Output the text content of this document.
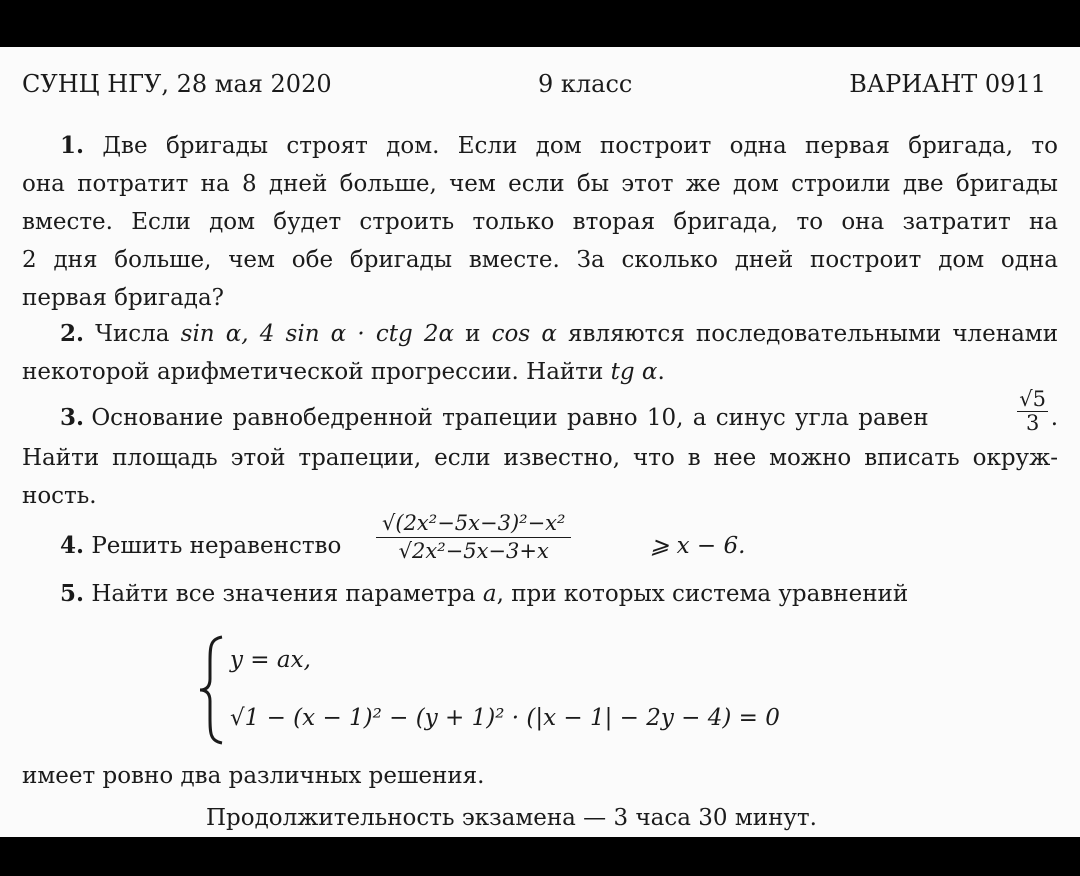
СУНЦ НГУ, 28 мая 2020	9 класс	ВАРИАНТ 0911
1. Две бригады строят дом. Если дом построит одна первая бригада, то
она потратит на 8 дней больше, чем если бы этот же дом строили две бригады
вместе. Если дом будет строить только вторая бригада, то она затратит на
2 дня больше, чем обе бригады вместе. За сколько дней построит дом одна
первая бригада?
2. Числа sin α, 4 sin α · ctg 2α и cos α являются последовательными членами
некоторой арифметической прогрессии. Найти tg α.
3. Основание равнобедренной трапеции равно 10, а синус угла равен	$\frac{√5}{3}$ .
Найти площадь этой трапеции, если известно, что в нее можно вписать окруж-
ность.
4. Решить неравенство	$\frac{\text{√(2x²−5x−3)²−x²}}{\text{√2x²−5x−3+x}}$	⩾ x − 6.
5. Найти все значения параметра a, при которых система уравнений
y = ax,
√1 − (x − 1)² − (y + 1)² · (|x − 1| − 2y − 4) = 0
имеет ровно два различных решения.
Продолжительность экзамена — 3 часа 30 минут.
